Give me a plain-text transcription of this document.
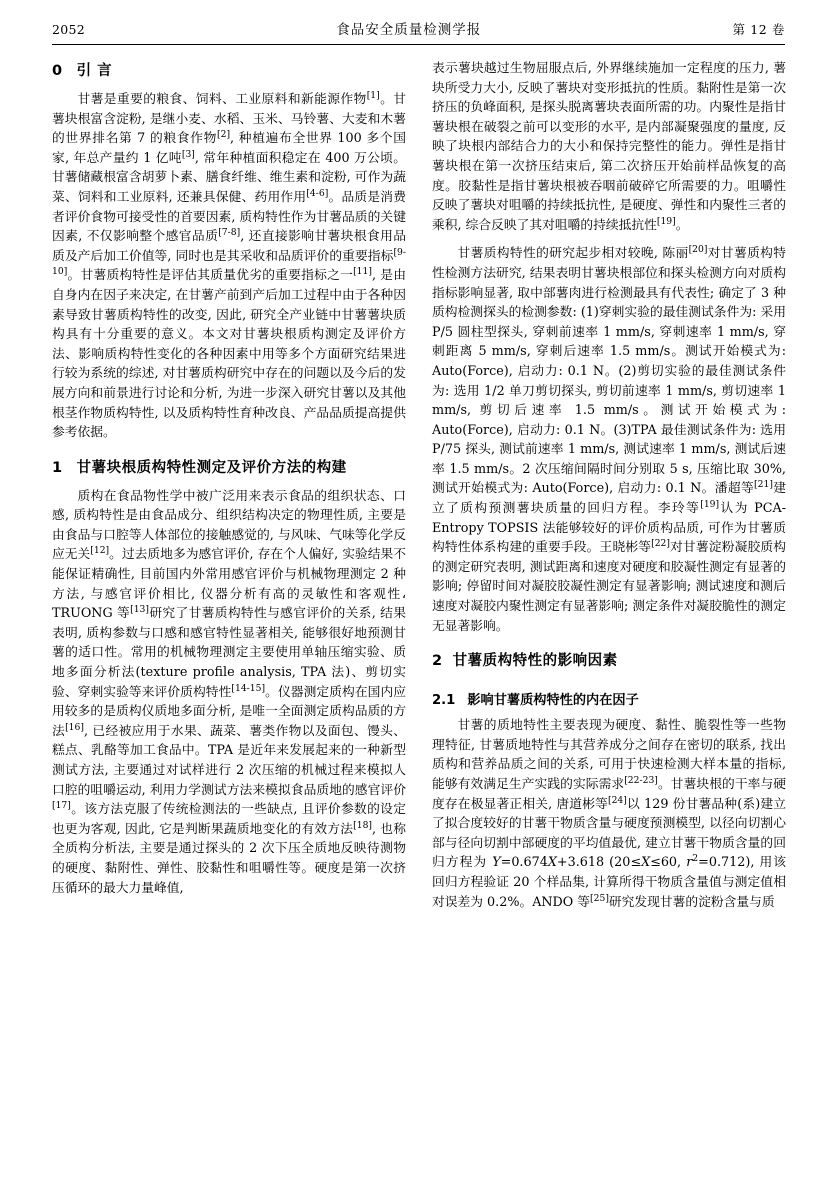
2052	食品安全质量检测学报	第 12 卷
0 引 言

甘薯是重要的粮食、饲料、工业原料和新能源作物[1]。甘薯块根富含淀粉, 是继小麦、水稻、玉米、马铃薯、大麦和木薯的世界排名第 7 的粮食作物[2], 种植遍布全世界 100 多个国家, 年总产量约 1 亿吨[3], 常年种植面积稳定在 400 万公顷。甘薯储藏根富含胡萝卜素、膳食纤维、维生素和淀粉, 可作为蔬菜、饲料和工业原料, 还兼具保健、药用作用[4-6]。品质是消费者评价食物可接受性的首要因素, 质构特性作为甘薯品质的关键因素, 不仅影响整个感官品质[7-8], 还直接影响甘薯块根食用品质及产后加工价值等, 同时也是其采收和品质评价的重要指标[9-10]。甘薯质构特性是评估其质量优劣的重要指标之一[11], 是由自身内在因子来决定, 在甘薯产前到产后加工过程中由于各种因素导致甘薯质构特性的改变, 因此, 研究全产业链中甘薯薯块质构具有十分重要的意义。本文对甘薯块根质构测定及评价方法、影响质构特性变化的各种因素中用等多个方面研究结果进行较为系统的综述, 对甘薯质构研究中存在的问题以及今后的发展方向和前景进行讨论和分析, 为进一步深入研究甘薯以及其他根茎作物质构特性, 以及质构特性育种改良、产品品质提高提供参考依据。

1 甘薯块根质构特性测定及评价方法的构建

质构在食品物性学中被广泛用来表示食品的组织状态、口感, 质构特性是由食品成分、组织结构决定的物理性质, 主要是由食品与口腔等人体部位的接触感觉的, 与风味、气味等化学反应无关[12]。过去质地多为感官评价, 存在个人偏好, 实验结果不能保证精确性, 目前国内外常用感官评价与机械物理测定 2 种方法, 与感官评价相比, 仪器分析有高的灵敏性和客观性، TRUONG 等[13]研究了甘薯质构特性与感官评价的关系, 结果表明, 质构参数与口感和感官特性显著相关, 能够很好地预测甘薯的适口性。常用的机械物理测定主要使用单轴压缩实验、质地多面分析法(texture profile analysis, TPA 法)、剪切实验、穿刺实验等来评价质构特性[14-15]。仪器测定质构在国内应用较多的是质构仪质地多面分析, 是唯一全面测定质构品质的方法[16], 已经被应用于水果、蔬菜、薯类作物以及面包、馒头、糕点、乳酪等加工食品中。TPA 是近年来发展起来的一种新型测试方法, 主要通过对试样进行 2 次压缩的机械过程来模拟人口腔的咀嚼运动, 利用力学测试方法来模拟食品质地的感官评价[17]。该方法克服了传统检测法的一些缺点, 且评价参数的设定也更为客观, 因此, 它是判断果蔬质地变化的有效方法[18], 也称全质构分析法, 主要是通过探头的 2 次下压全质地反映待测物的硬度、黏附性、弹性、胶黏性和咀嚼性等。硬度是第一次挤压循环的最大力量峰值,

表示薯块越过生物屈服点后, 外界继续施加一定程度的压力, 薯块所受力大小, 反映了薯块对变形抵抗的性质。黏附性是第一次挤压的负峰面积, 是探头脱离薯块表面所需的功。内聚性是指甘薯块根在破裂之前可以变形的水平, 是内部凝聚强度的量度, 反映了块根内部结合力的大小和保持完整性的能力。弹性是指甘薯块根在第一次挤压结束后, 第二次挤压开始前样品恢复的高度。胶黏性是指甘薯块根被吞咽前破碎它所需要的力。咀嚼性反映了薯块对咀嚼的持续抵抗性, 是硬度、弹性和内聚性三者的乘积, 综合反映了其对咀嚼的持续抵抗性[19]。

甘薯质构特性的研究起步相对较晚, 陈丽[20]对甘薯质构特性检测方法研究, 结果表明甘薯块根部位和探头检测方向对质构指标影响显著, 取中部薯肉进行检测最具有代表性; 确定了 3 种质构检测探头的检测参数: (1)穿刺实验的最佳测试条件为: 采用 P/5 圆柱型探头, 穿刺前速率 1 mm/s, 穿刺速率 1 mm/s, 穿刺距离 5 mm/s, 穿刺后速率 1.5 mm/s。测试开始模式为: Auto(Force), 启动力: 0.1 N。(2)剪切实验的最佳测试条件为: 选用 1/2 单刀剪切探头, 剪切前速率 1 mm/s, 剪切速率 1 mm/s, 剪切后速率 1.5 mm/s。测试开始模式为: Auto(Force), 启动力: 0.1 N。(3)TPA 最佳测试条件为: 选用 P/75 探头, 测试前速率 1 mm/s, 测试速率 1 mm/s, 测试后速率 1.5 mm/s。2 次压缩间隔时间分别取 5 s, 压缩比取 30%, 测试开始模式为: Auto(Force), 启动力: 0.1 N。潘超等[21]建立了质构预测薯块质量的回归方程。李玲等[19]认为 PCA-Entropy TOPSIS 法能够较好的评价质构品质, 可作为甘薯质构特性体系构建的重要手段。王晓彬等[22]对甘薯淀粉凝胶质构的测定研究表明, 测试距离和速度对硬度和胶凝性测定有显著的影响; 停留时间对凝胶胶凝性测定有显著影响; 测试速度和测后速度对凝胶内聚性测定有显著影响; 测定条件对凝胶脆性的测定无显著影响。

2 甘薯质构特性的影响因素
2.1 影响甘薯质构特性的内在因子

甘薯的质地特性主要表现为硬度、黏性、脆裂性等一些物理特征, 甘薯质地特性与其营养成分之间存在密切的联系, 找出质构和营养品质之间的关系, 可用于快速检测大样本量的指标, 能够有效满足生产实践的实际需求[22-23]。甘薯块根的干率与硬度存在极显著正相关, 唐道彬等[24]以 129 份甘薯品种(系)建立了拟合度较好的甘薯干物质含量与硬度预测模型, 以径向切割心部与径向切割中部硬度的平均值最优, 建立甘薯干物质含量的回归方程为 Y=0.674X+3.618 (20≤X≤60, $r^2=0.712$), 用该回归方程验证 20 个样品集, 计算所得干物质含量值与测定值相对误差为 0.2%。ANDO 等[25]研究发现甘薯的淀粉含量与质
